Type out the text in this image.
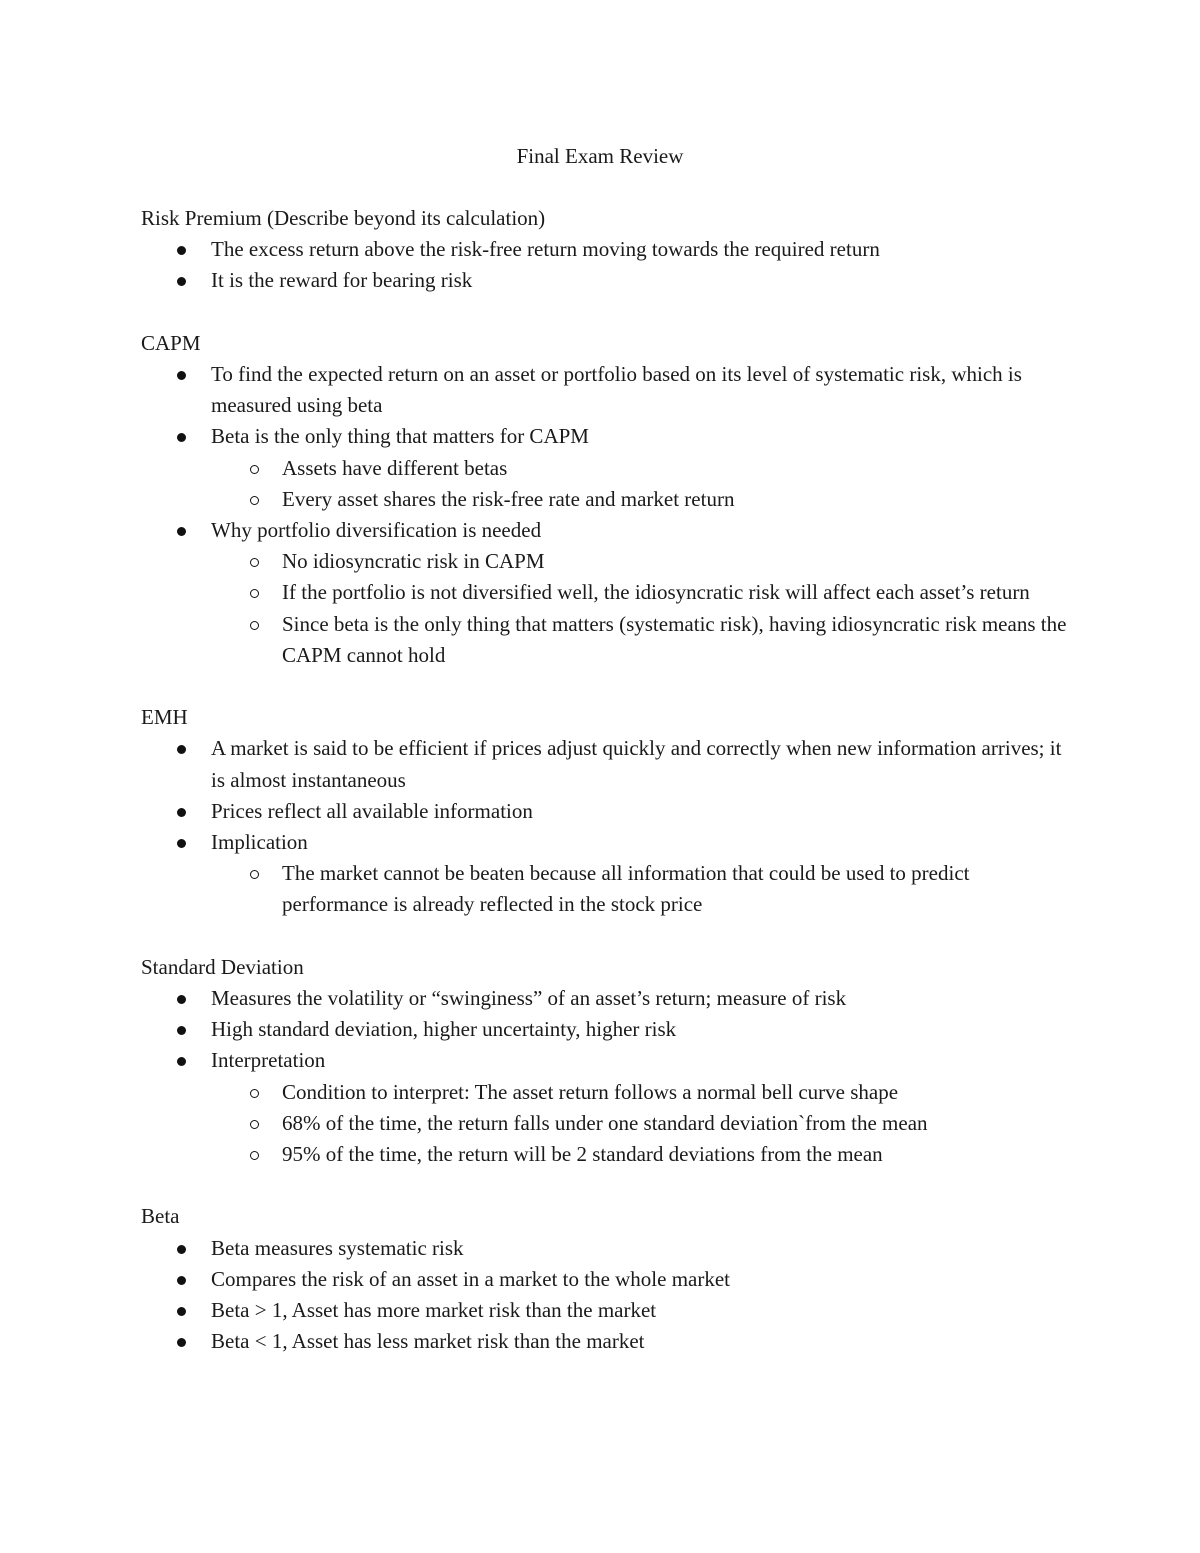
Final Exam Review

Risk Premium (Describe beyond its calculation)

The excess return above the risk-free return moving towards the required return
It is the reward for bearing risk

CAPM

To find the expected return on an asset or portfolio based on its level of systematic risk, which is measured using beta
Beta is the only thing that matters for CAPM
Assets have different betas
Every asset shares the risk-free rate and market return
Why portfolio diversification is needed
No idiosyncratic risk in CAPM
If the portfolio is not diversified well, the idiosyncratic risk will affect each asset’s return
Since beta is the only thing that matters (systematic risk), having idiosyncratic risk means the CAPM cannot hold

EMH

A market is said to be efficient if prices adjust quickly and correctly when new information arrives; it is almost instantaneous
Prices reflect all available information
Implication
The market cannot be beaten because all information that could be used to predict performance is already reflected in the stock price

Standard Deviation

Measures the volatility or “swinginess” of an asset’s return; measure of risk
High standard deviation, higher uncertainty, higher risk
Interpretation
Condition to interpret: The asset return follows a normal bell curve shape
68% of the time, the return falls under one standard deviation`from the mean
95% of the time, the return will be 2 standard deviations from the mean

Beta

Beta measures systematic risk
Compares the risk of an asset in a market to the whole market
Beta > 1, Asset has more market risk than the market
Beta < 1, Asset has less market risk than the market
